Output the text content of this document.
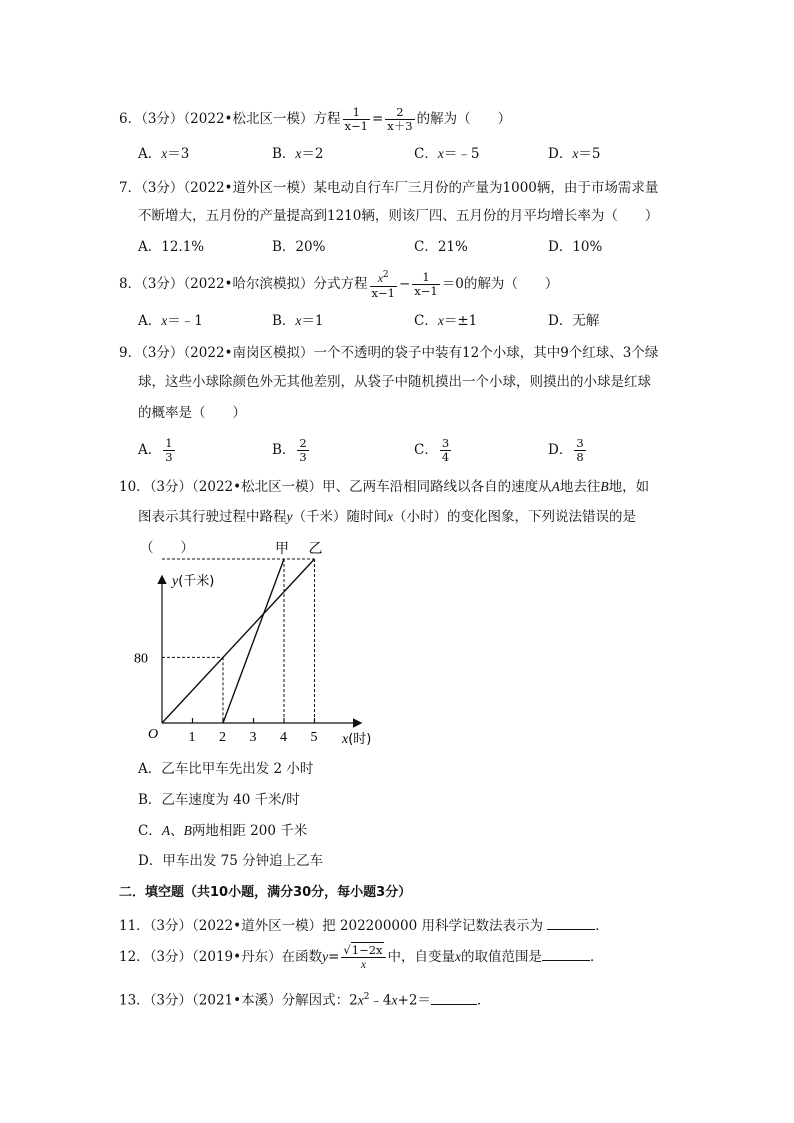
6．（3分）（2022•松北区一模）方程 $\frac{1}{x-1} = \frac{2}{x+3}$ 的解为（　　）
A．x＝3	B．x＝2	C．x＝﹣5	D．x＝5
7．（3分）（2022•道外区一模）某电动自行车厂三月份的产量为1000辆，由于市场需求量
不断增大，五月份的产量提高到1210辆，则该厂四、五月份的月平均增长率为（　　）
A．12.1%	B．20%	C．21%	D．10%
8．（3分）（2022•哈尔滨模拟）分式方程 $\frac{x^2}{x-1} - \frac{1}{x-1} =0$的解为（　　）
A．x＝﹣1	B．x＝1	C．x＝±1	D．无解
9．（3分）（2022•南岗区模拟）一个不透明的袋子中装有12个小球，其中9个红球、3个绿
球，这些小球除颜色外无其他差别，从袋子中随机摸出一个小球，则摸出的小球是红球
的概率是（　　）
A． $\frac{1}{3}$	B． $\frac{2}{3}$	C． $\frac{3}{4}$	D． $\frac{3}{8}$
10．（3分）（2022•松北区一模）甲、乙两车沿相同路线以各自的速度从A地去往B地，如
图表示其行驶过程中路程y（千米）随时间x（小时）的变化图象，下列说法错误的是
（　　）
1 2 3 4 5
80
y(千米)
x(时)
O
甲 乙
A．乙车比甲车先出发 2 小时
B．乙车速度为 40 千米/时
C．A、B两地相距 200 千米
D．甲车出发 75 分钟追上乙车
二．填空题（共10小题，满分30分，每小题3分）
11．（3分）（2022•道外区一模）把 202200000 用科学记数法表示为	．
12．（3分）（2019•丹东）在函数$y= \frac{√1-2x}{x}$ 中，自变量x的取值范围是	．
13．（3分）（2021•本溪）分解因式：$2x^2﹣4x+2=$	．
